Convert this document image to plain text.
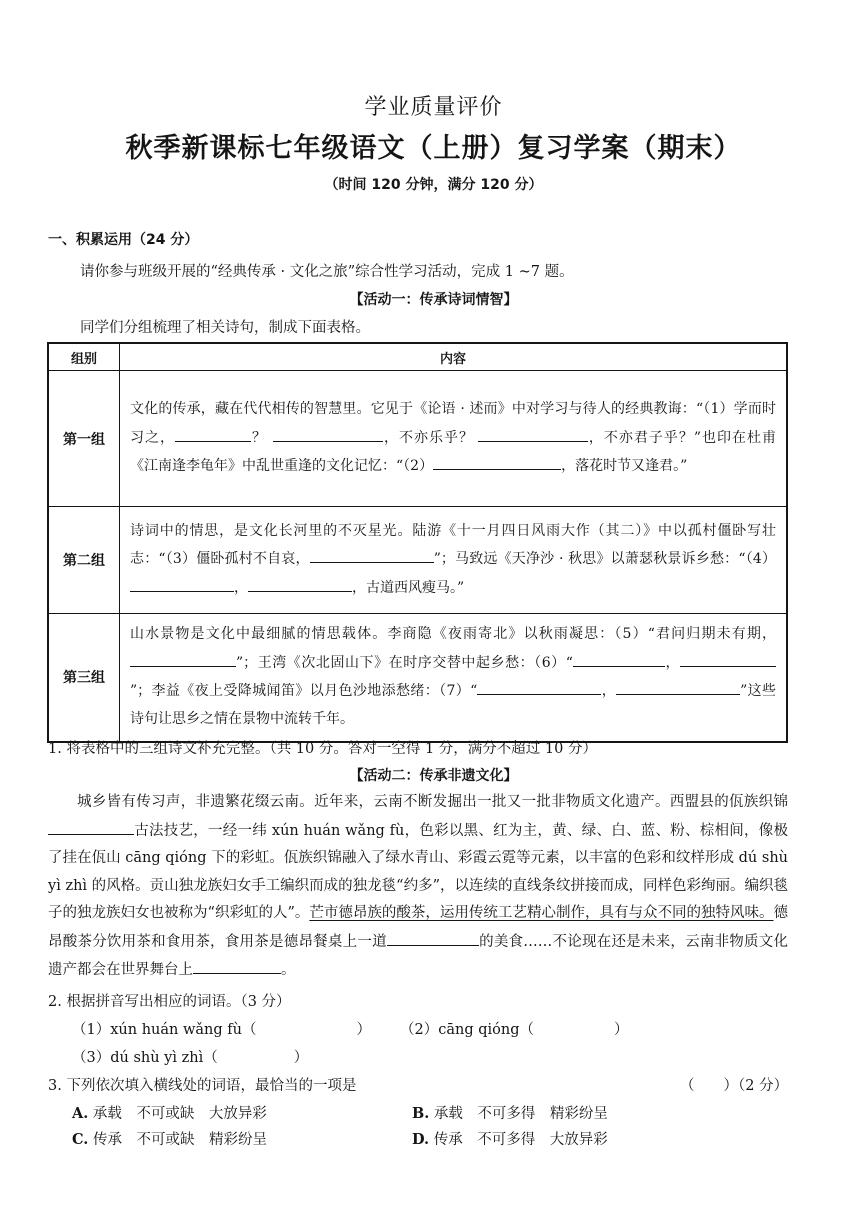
学业质量评价
秋季新课标七年级语文（上册）复习学案（期末）
（时间 120 分钟，满分 120 分）
一、积累运用（24 分）
请你参与班级开展的“经典传承 · 文化之旅”综合性学习活动，完成 1 ~7 题。
【活动一：传承诗词情智】
同学们分组梳理了相关诗句，制成下面表格。
组别	内容
第一组	文化的传承，藏在代代相传的智慧里。它见于《论语 · 述而》中对学习与待人的经典教诲：“（1）学而时习之， ？ ，不亦乐乎？ ，不亦君子乎？”也印在杜甫《江南逢李龟年》中乱世重逢的文化记忆：“（2） ，落花时节又逢君。”
第二组	诗词中的情思，是文化长河里的不灭星光。陆游《十一月四日风雨大作（其二）》中以孤村僵卧写壮志：“（3）僵卧孤村不自哀， ”；马致远《天净沙 · 秋思》以萧瑟秋景诉乡愁：“（4）， ，古道西风瘦马。”
第三组	山水景物是文化中最细腻的情思载体。李商隐《夜雨寄北》以秋雨凝思：（5）“君问归期未有期，”；王湾《次北固山下》在时序交替中起乡愁：（6）“ ，”；李益《夜上受降城闻笛》以月色沙地添愁绪：（7）“ ， ”这些诗句让思乡之情在景物中流转千年。
1. 将表格中的三组诗文补充完整。（共 10 分。答对一空得 1 分，满分不超过 10 分）
【活动二：传承非遗文化】
城乡皆有传习声，非遗繁花缀云南。近年来，云南不断发掘出一批又一批非物质文化遗产。西盟县的佤族织锦古法技艺，一经一纬 xún huán wǎng fù，色彩以黑、红为主，黄、绿、白、蓝、粉、棕相间，像极了挂在佤山 cāng qióng 下的彩虹。佤族织锦融入了绿水青山、彩霞云霓等元素，以丰富的色彩和纹样形成 dú shù yì zhì 的风格。贡山独龙族妇女手工编织而成的独龙毯“约多”，以连续的直线条纹拼接而成，同样色彩绚丽。编织毯子的独龙族妇女也被称为“织彩虹的人”。芒市德昂族的酸茶，运用传统工艺精心制作，具有与众不同的独特风味。德昂酸茶分饮用茶和食用茶，食用茶是德昂餐桌上一道	的美食……不论现在还是未来，云南非物质文化遗产都会在世界舞台上	。
2. 根据拼音写出相应的词语。（3 分）
（1）xún huán wǎng fù（	） （2）cāng qióng（	）
（3）dú shù yì zhì（	）
3. 下列依次填入横线处的词语，最恰当的一项是	（　　）（2 分）
A. 承载　不可或缺　大放异彩	B. 承载　不可多得　精彩纷呈
C. 传承　不可或缺　精彩纷呈	D. 传承　不可多得　大放异彩
